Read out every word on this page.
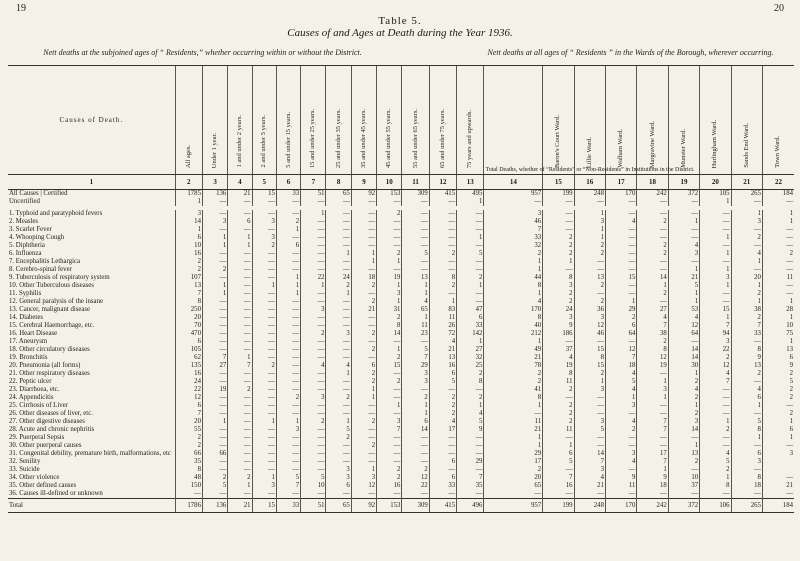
19	20
Table 5.
Causes of and Ages at Death during the Year 1936.
Nett deaths at the subjoined ages of “ Residents,” whether occurring within or without the District.	Nett deaths at all ages of “ Residents ” in the Wards of the Borough, wherever occurring.
Causes of Death.	All ages.	Under 1 year.	1 and under 2 years.	2 and under 5 years.	5 and under 15 years.	15 and under 25 years.	25 and under 35 years.	35 and under 45 years.	45 and under 55 years.	55 and under 65 years.	65 and under 75 years.	75 years and upwards.	Total Deaths, whether of “Residents” or “Non-Residents” in Institutions in the District.	Baron's Court Ward.	Lillie Ward.	Walham Ward.	Margravine Ward.	Munster Ward.	Hurlingham Ward.	Sands End Ward.	Town Ward.

1	2	3	4	5	6	7	8	9	10	11	12	13	14	15	16	17	18	19	20	21	22
All Causes | Certified	1785	136	21	15	33	51	65	92	153	309	415	495	957	199	248	170	242	372	105	265	184
Uncertified	1	—	—	—	—	—	—	—	—	—	—	1	—	—	—	—	—	—	1	—	—

1. Typhoid and paratyphoid fevers	3	—	—	—	—	1	—	—	2	—	—	—	3	—	1	—	—	—	—	1	1
2. Measles	14	3	6	3	2	—	—	—	—	—	—	—	46	—	3	4	2	1	—	3	1
3. Scarlet Fever	1	—	—	—	1	—	—	—	—	—	—	—	7	—	1	—	—	—	—	—	—
4. Whooping Cough	6	1	1	3	—	—	—	—	—	—	—	1	33	2	1	—	—	—	1	2	—
5. Diphtheria	10	1	1	2	6	—	—	—	—	—	—	—	32	2	2	—	2	4	—	—	—
6. Influenza	16	—	—	—	—	—	1	1	2	5	2	5	2	2	2	—	2	3	1	4	2
7. Encephalitis Lethargica	2	—	—	—	—	—	—	1	1	—	—	—	1	1	—	—	—	—	—	1	—
8. Cerebro-spinal fever	2	2	—	—	—	—	—	—	—	—	—	—	1	—	—	—	—	1	1	—	—
9. Tuberculosis of respiratory system	107	—	—	—	1	22	24	18	19	13	8	2	44	8	13	15	14	21	3	20	11
10. Other Tuberculous diseases	13	1	—	1	1	1	2	2	1	1	2	1	8	3	2	—	1	5	1	1	—
11. Syphilis	7	1	—	—	1	—	1	—	3	1	—	—	1	2	—	—	2	1	—	2	—
12. General paralysis of the insane	8	—	—	—	—	—	—	2	1	4	1	—	4	2	2	1	—	1	—	1	1
13. Cancer, malignant disease	250	—	—	—	—	3	—	21	31	65	83	47	170	24	36	29	27	53	15	38	28
14. Diabetes	20	—	—	—	—	—	—	—	2	1	11	6	8	3	3	2	4	4	1	2	1
15. Cerebral Haemorrhage, etc.	70	—	—	—	—	—	—	—	8	11	26	33	40	9	12	6	7	12	7	7	10
16. Heart Disease	470	—	—	—	—	2	3	2	14	23	72	142	212	186	46	64	38	64	94	33	75
17. Aneurysm	6	—	—	—	—	—	—	—	—	—	4	1	1	—	—	—	2	—	3	—	1
18. Other circulatory diseases	105	—	—	—	—	—	—	2	1	5	21	27	49	37	15	12	8	14	22	8	13
19. Bronchitis	62	7	1	—	—	—	—	—	2	7	13	32	21	4	8	7	12	14	2	9	6
20. Pneumonia (all forms)	135	27	7	2	—	4	4	6	15	29	16	25	78	19	15	18	19	30	12	13	9
21. Other respiratory diseases	16	—	—	—	—	—	1	2	—	3	6	2	2	8	2	4	—	1	4	2	2
22. Peptic ulcer	24	—	—	—	—	—	—	2	2	3	5	8	2	11	1	5	1	2	7	—	5
23. Diarrhoea, etc.	22	19	2	—	—	—	—	1	—	—	—	—	41	2	3	4	3	4	—	4	2
24. Appendicitis	12	—	—	—	2	3	2	1	—	2	2	2	8	—	—	1	1	2	—	6	2
25. Cirrhosis of Liver	6	—	—	—	—	—	—	—	1	1	2	1	1	2	—	3	—	1	—	1	—
26. Other diseases of liver, etc.	7	—	—	—	—	—	—	—	—	1	2	4	—	2	—	—	—	2	—	—	2
27. Other digestive diseases	20	1	—	1	1	2	1	2	3	6	4	5	11	2	3	4	7	3	1	5	1
28. Acute and chronic nephritis	55	—	—	—	3	—	5	—	7	14	17	9	21	11	5	2	7	14	2	8	6
29. Puerperal Sepsis	2	—	—	—	—	—	2	—	—	—	—	—	1	—	—	—	—	—	—	1	1
30. Other puerperal causes	2	—	—	—	—	—	—	2	—	—	—	—	1	1	—	—	—	1	—	—	—
31. Congenital debility, premature birth, malformations, etc	66	66	—	—	—	—	—	—	—	—	—	—	29	6	14	3	17	13	4	6	3
32. Senility	35	—	—	—	—	—	—	—	—	—	6	29	17	5	7	4	7	2	5	3	
33. Suicide	8	—	—	—	—	—	3	1	2	2	—	—	2	—	3	—	1	—	2	—	
34. Other violence	48	2	2	1	5	5	3	3	2	12	6	7	20	7	4	9	9	10	1	8	—
35. Other defined causes	150	5	1	3	7	10	6	12	16	22	33	35	65	16	21	11	18	37	8	18	21
36. Causes ill-defined or unknown	—	—	—	—	—	—	—	—	—	—	—	—	—	—	—	—	—	—	—	—	—
Total	1786	136	21	15	33	51	65	92	153	309	415	496	957	199	248	170	242	372	106	265	184
